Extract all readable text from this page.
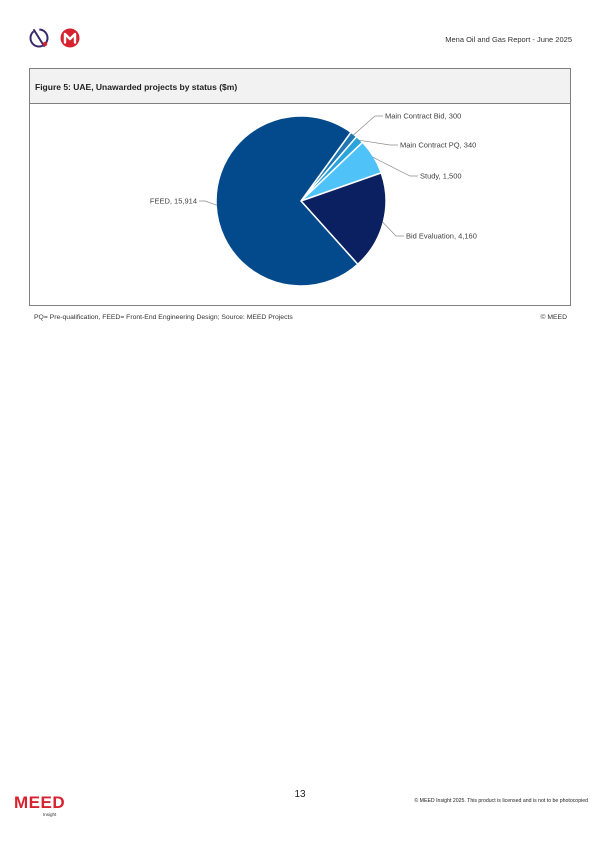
Mena Oil and Gas Report - June 2025
Figure 5: UAE, Unawarded projects by status ($m)
Main Contract Bid, 300
Main Contract PQ, 340
Study, 1,500
Bid Evaluation, 4,160
FEED, 15,914
PQ= Pre-qualification, FEED= Front-End Engineering Design; Source: MEED Projects	© MEED
13
MEED
Insight
© MEED Insight 2025. This product is licensed and is not to be photocopied
